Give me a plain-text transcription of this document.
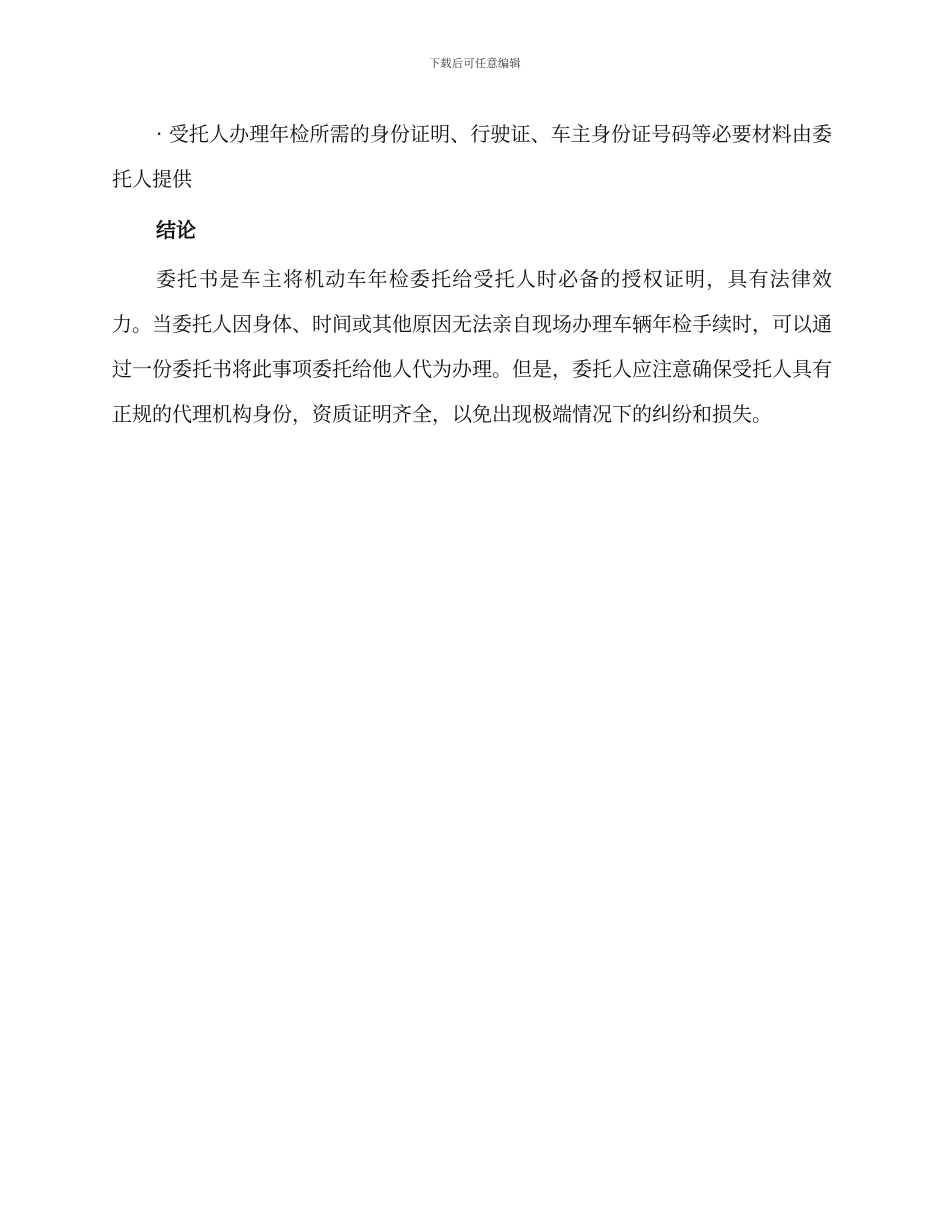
下载后可任意编辑

· 受托人办理年检所需的身份证明、行驶证、车主身份证号码等必要材料由委托人提供

结论

委托书是车主将机动车年检委托给受托人时必备的授权证明，具有法律效力。当委托人因身体、时间或其他原因无法亲自现场办理车辆年检手续时，可以通过一份委托书将此事项委托给他人代为办理。但是，委托人应注意确保受托人具有正规的代理机构身份，资质证明齐全，以免出现极端情况下的纠纷和损失。
